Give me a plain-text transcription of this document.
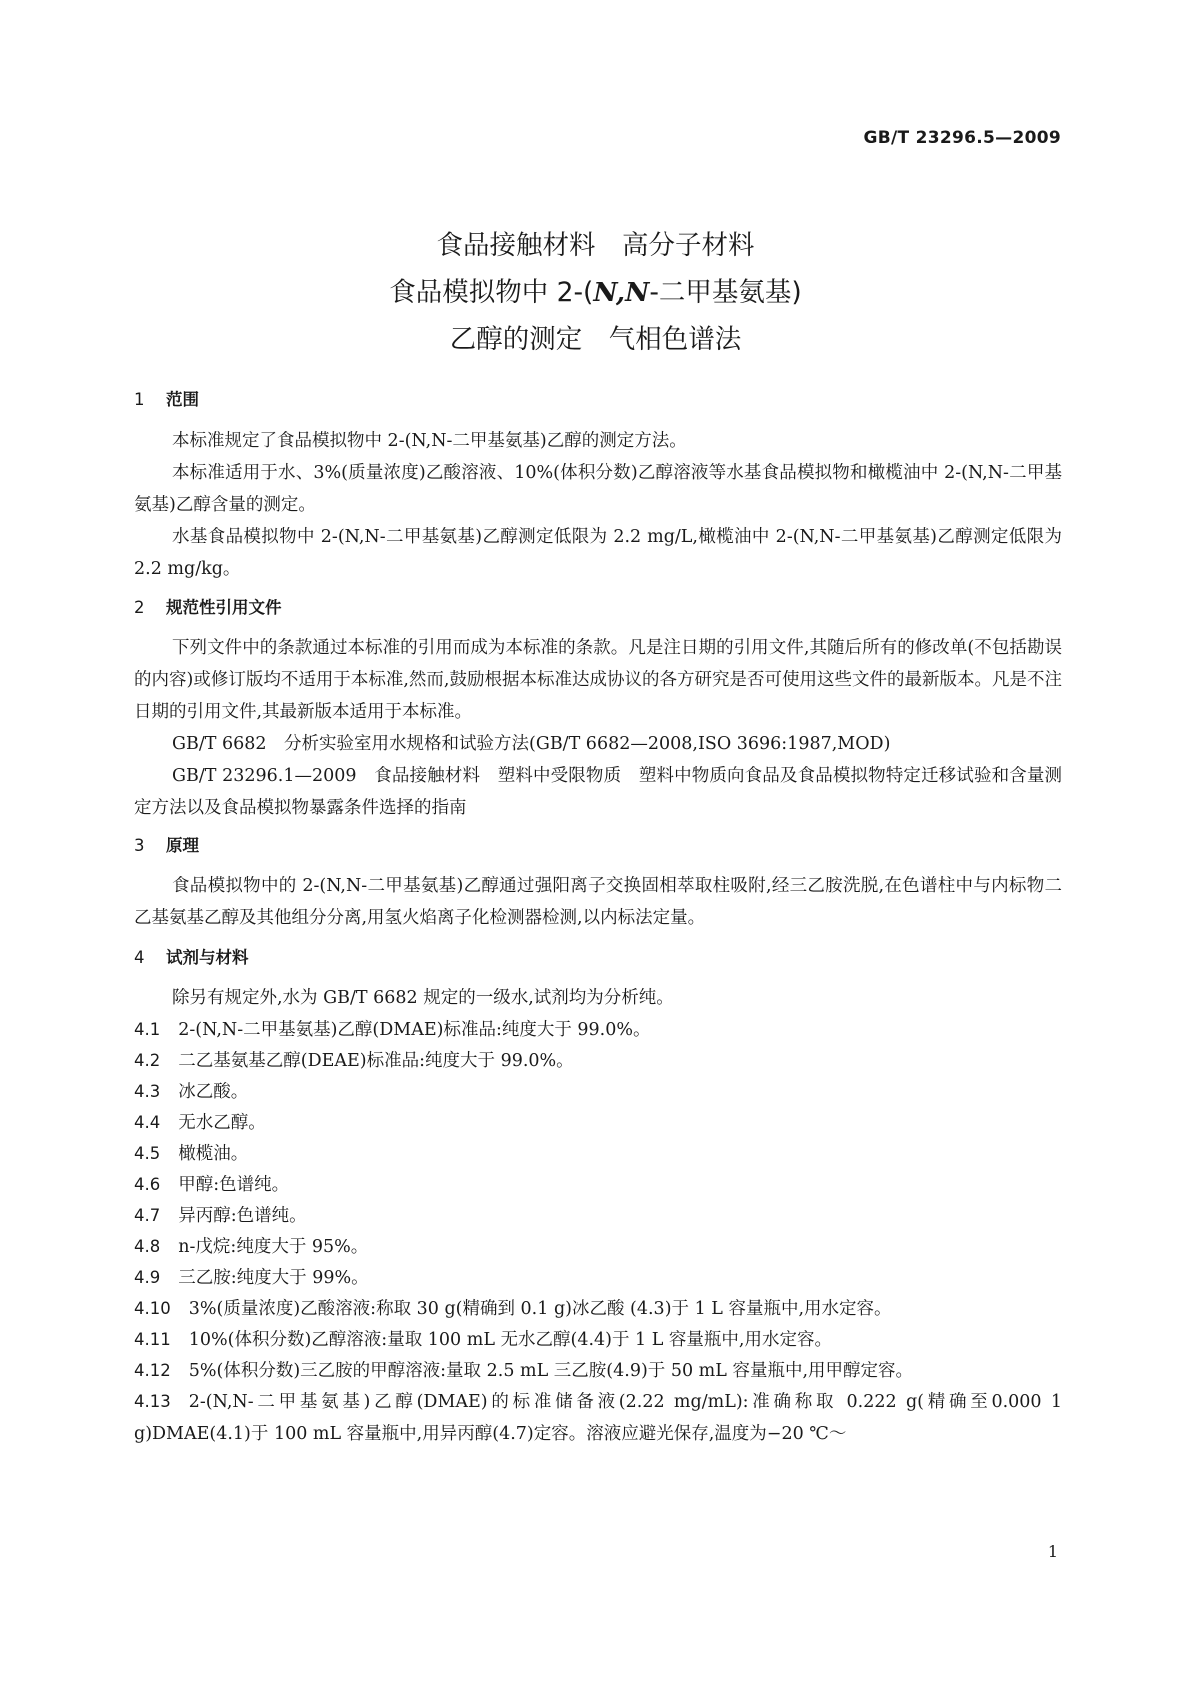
GB/T 23296.5—2009
食品接触材料　高分子材料
食品模拟物中 2-(N,N-二甲基氨基)
乙醇的测定　气相色谱法
1 范围
本标准规定了食品模拟物中 2-(N,N-二甲基氨基)乙醇的测定方法。
本标准适用于水、3%(质量浓度)乙酸溶液、10%(体积分数)乙醇溶液等水基食品模拟物和橄榄油中 2-(N,N-二甲基氨基)乙醇含量的测定。
水基食品模拟物中 2-(N,N-二甲基氨基)乙醇测定低限为 2.2 mg/L,橄榄油中 2-(N,N-二甲基氨基)乙醇测定低限为 2.2 mg/kg。
2 规范性引用文件
下列文件中的条款通过本标准的引用而成为本标准的条款。凡是注日期的引用文件,其随后所有的修改单(不包括勘误的内容)或修订版均不适用于本标准,然而,鼓励根据本标准达成协议的各方研究是否可使用这些文件的最新版本。凡是不注日期的引用文件,其最新版本适用于本标准。
GB/T 6682　分析实验室用水规格和试验方法(GB/T 6682—2008,ISO 3696:1987,MOD)
GB/T 23296.1—2009　食品接触材料　塑料中受限物质　塑料中物质向食品及食品模拟物特定迁移试验和含量测定方法以及食品模拟物暴露条件选择的指南
3 原理
食品模拟物中的 2-(N,N-二甲基氨基)乙醇通过强阳离子交换固相萃取柱吸附,经三乙胺洗脱,在色谱柱中与内标物二乙基氨基乙醇及其他组分分离,用氢火焰离子化检测器检测,以内标法定量。
4 试剂与材料
除另有规定外,水为 GB/T 6682 规定的一级水,试剂均为分析纯。
4.1 2-(N,N-二甲基氨基)乙醇(DMAE)标准品:纯度大于 99.0%。
4.2 二乙基氨基乙醇(DEAE)标准品:纯度大于 99.0%。
4.3 冰乙酸。
4.4 无水乙醇。
4.5 橄榄油。
4.6 甲醇:色谱纯。
4.7 异丙醇:色谱纯。
4.8 n-戊烷:纯度大于 95%。
4.9 三乙胺:纯度大于 99%。
4.10 3%(质量浓度)乙酸溶液:称取 30 g(精确到 0.1 g)冰乙酸 (4.3)于 1 L 容量瓶中,用水定容。
4.11 10%(体积分数)乙醇溶液:量取 100 mL 无水乙醇(4.4)于 1 L 容量瓶中,用水定容。
4.12 5%(体积分数)三乙胺的甲醇溶液:量取 2.5 mL 三乙胺(4.9)于 50 mL 容量瓶中,用甲醇定容。
4.13 2-(N,N-二甲基氨基)乙醇(DMAE)的标准储备液(2.22 mg/mL):准确称取 0.222 g(精确至0.000 1 g)DMAE(4.1)于 100 mL 容量瓶中,用异丙醇(4.7)定容。溶液应避光保存,温度为−20 ℃～
1
